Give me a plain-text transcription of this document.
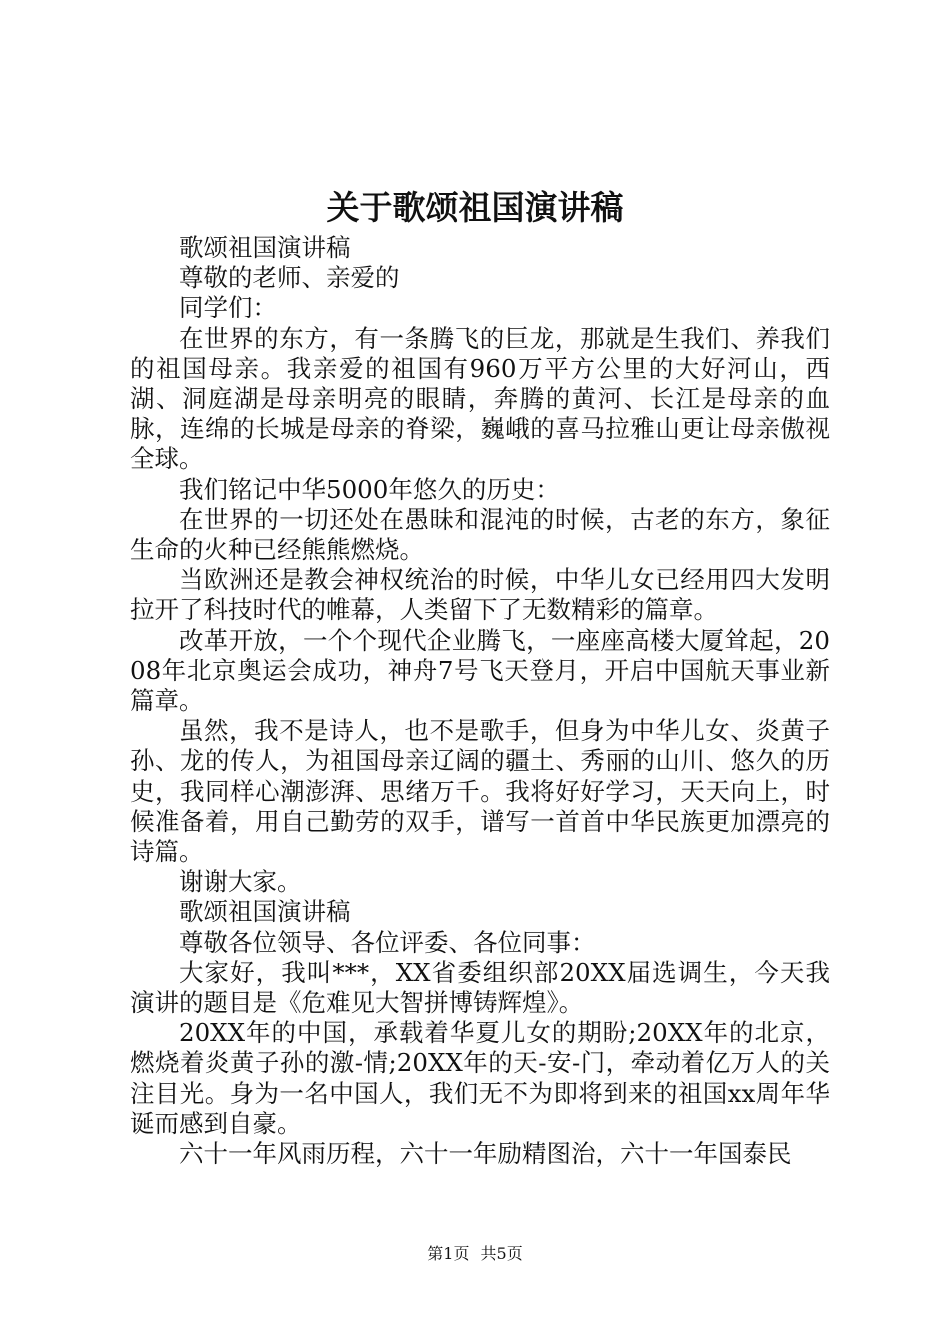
关于歌颂祖国演讲稿

歌颂祖国演讲稿

尊敬的老师、亲爱的

同学们：

在世界的东方，有一条腾飞的巨龙，那就是生我们、养我们的祖国母亲。我亲爱的祖国有960万平方公里的大好河山，西湖、洞庭湖是母亲明亮的眼睛，奔腾的黄河、长江是母亲的血脉，连绵的长城是母亲的脊梁，巍峨的喜马拉雅山更让母亲傲视全球。

我们铭记中华5000年悠久的历史：

在世界的一切还处在愚昧和混沌的时候，古老的东方，象征生命的火种已经熊熊燃烧。

当欧洲还是教会神权统治的时候，中华儿女已经用四大发明拉开了科技时代的帷幕，人类留下了无数精彩的篇章。

改革开放，一个个现代企业腾飞，一座座高楼大厦耸起，2008年北京奥运会成功，神舟7号飞天登月，开启中国航天事业新篇章。

虽然，我不是诗人，也不是歌手，但身为中华儿女、炎黄子孙、龙的传人，为祖国母亲辽阔的疆土、秀丽的山川、悠久的历史，我同样心潮澎湃、思绪万千。我将好好学习，天天向上，时候准备着，用自己勤劳的双手，谱写一首首中华民族更加漂亮的诗篇。

谢谢大家。

歌颂祖国演讲稿

尊敬各位领导、各位评委、各位同事：

大家好，我叫***，XX省委组织部20XX届选调生，今天我演讲的题目是《危难见大智拼博铸辉煌》。

20XX年的中国，承载着华夏儿女的期盼;20XX年的北京，燃烧着炎黄子孙的激-情;20XX年的天-安-门，牵动着亿万人的关注目光。身为一名中国人，我们无不为即将到来的祖国xx周年华诞而感到自豪。

六十一年风雨历程，六十一年励精图治，六十一年国泰民

第1页 共5页
